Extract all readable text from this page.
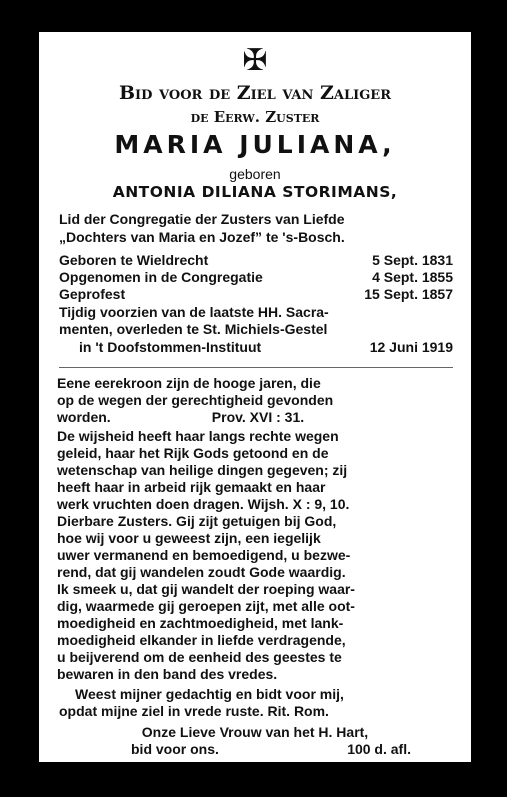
✠
Bid voor de Ziel van Zaliger
de Eerw. Zuster
MARIA JULIANA,
geboren
ANTONIA DILIANA STORIMANS,
Lid der Congregatie der Zusters van Liefde
„Dochters van Maria en Jozef” te 's-Bosch.
Geboren te Wieldrecht	5 Sept. 1831
Opgenomen in de Congregatie	4 Sept. 1855
Geprofest	15 Sept. 1857
Tijdig voorzien van de laatste HH. Sacra-
menten, overleden te St. Michiels-Gestel
in 't Doofstommen-Instituut	12 Juni 1919
Eene eerekroon zijn de hooge jaren, die
op de wegen der gerechtigheid gevonden
worden.                          Prov. XVI : 31.
De wijsheid heeft haar langs rechte wegen
geleid, haar het Rijk Gods getoond en de
wetenschap van heilige dingen gegeven; zij
heeft haar in arbeid rijk gemaakt en haar
werk vruchten doen dragen. Wijsh. X : 9, 10.
Dierbare Zusters. Gij zijt getuigen bij God,
hoe wij voor u geweest zijn, een iegelijk
uwer vermanend en bemoedigend, u bezwe-
rend, dat gij wandelen zoudt Gode waardig.
Ik smeek u, dat gij wandelt der roeping waar-
dig, waarmede gij geroepen zijt, met alle oot-
moedigheid en zachtmoedigheid, met lank-
moedigheid elkander in liefde verdragende,
u beijverend om de eenheid des geestes te
bewaren in den band des vredes.
Weest mijner gedachtig en bidt voor mij,
opdat mijne ziel in vrede ruste. Rit. Rom.
Onze Lieve Vrouw van het H. Hart,
bid voor ons.	100 d. afl.
